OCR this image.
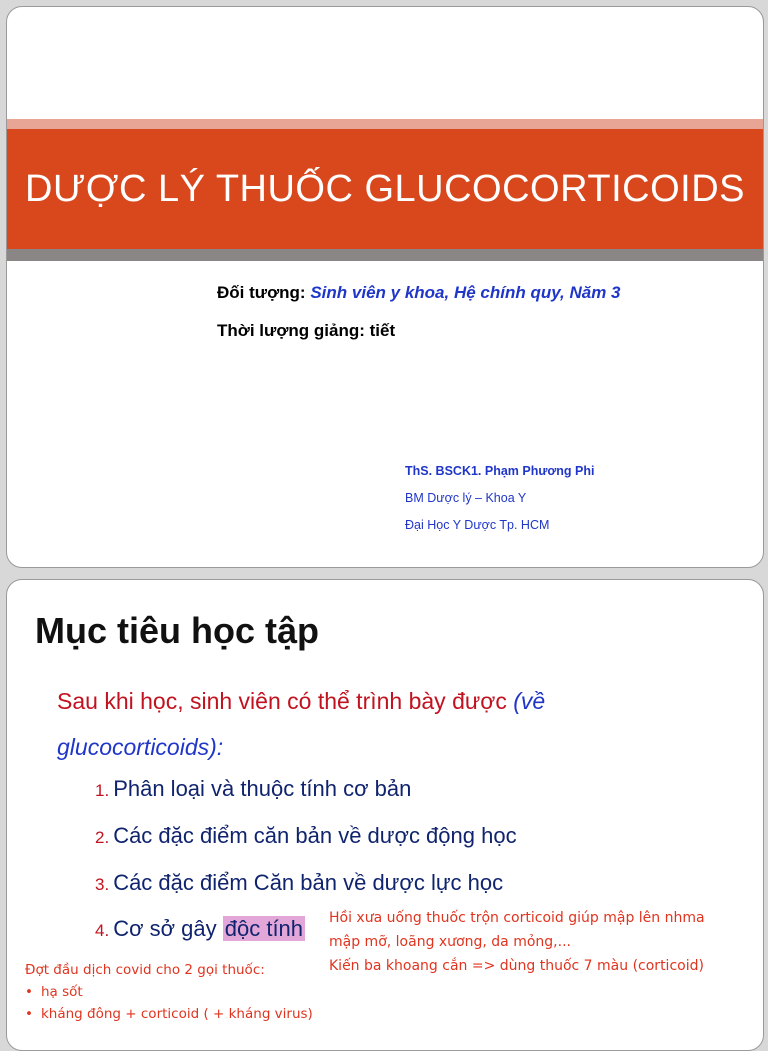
DƯỢC LÝ THUỐC GLUCOCORTICOIDS
Đối tượng: Sinh viên y khoa, Hệ chính quy, Năm 3
Thời lượng giảng: tiết
ThS. BSCK1. Phạm Phương Phi
BM Dược lý – Khoa Y
Đại Học Y Dược Tp. HCM
Mục tiêu học tập
Sau khi học, sinh viên có thể trình bày được (về glucocorticoids):
1. Phân loại và thuộc tính cơ bản
2. Các đặc điểm căn bản về dược động học
3. Các đặc điểm Căn bản về dược lực học
4. Cơ sở gây độc tính Hồi xưa uống thuốc trộn corticoid giúp mập lên nhma
mập mỡ, loãng xương, da mỏng,...
Kiến ba khoang cắn => dùng thuốc 7 màu (corticoid)
Đợt đầu dịch covid cho 2 gọi thuốc:
• hạ sốt
• kháng đông + corticoid ( + kháng virus)
